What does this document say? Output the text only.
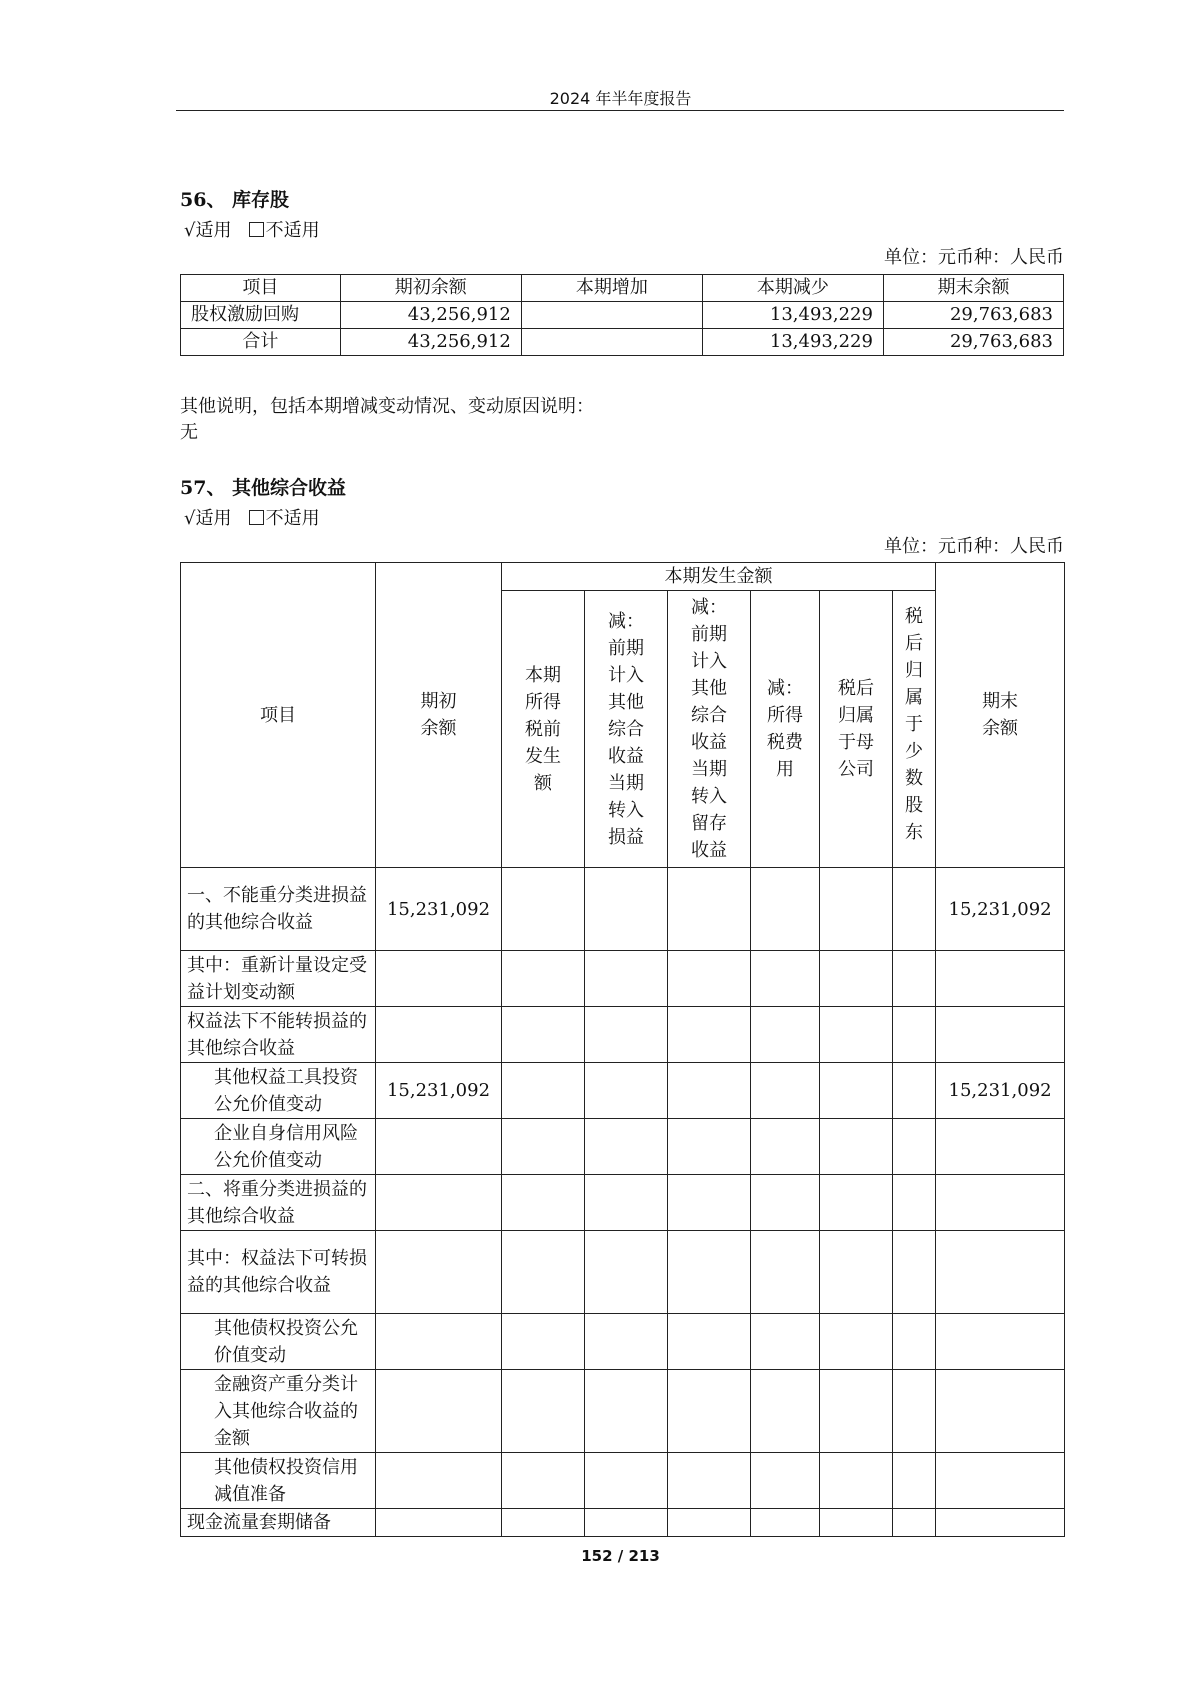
2024 年半年度报告
56、 库存股
√适用 不适用
单位：元币种：人民币
项目	期初余额	本期增加	本期减少	期末余额
股权激励回购	43,256,912		13,493,229	29,763,683
合计	43,256,912		13,493,229	29,763,683
其他说明，包括本期增减变动情况、变动原因说明：
无
57、 其他综合收益
√适用 不适用
单位：元币种：人民币
项目	期初余额	本期发生金额						期末余额
		本期所得税前发生额	减：前期计入其他综合收益当期转入损益	减：前期计入其他综合收益当期转入留存收益	减：所得税费用	税后归属于母公司	税后归属于少数股东	
一、不能重分类进损益的其他综合收益	15,231,092							15,231,092
其中：重新计量设定受益计划变动额								
权益法下不能转损益的其他综合收益								
其他权益工具投资公允价值变动	15,231,092							15,231,092
企业自身信用风险公允价值变动								
二、将重分类进损益的其他综合收益								
其中：权益法下可转损益的其他综合收益								
其他债权投资公允价值变动								
金融资产重分类计入其他综合收益的金额								
其他债权投资信用减值准备								
现金流量套期储备								
152 / 213
